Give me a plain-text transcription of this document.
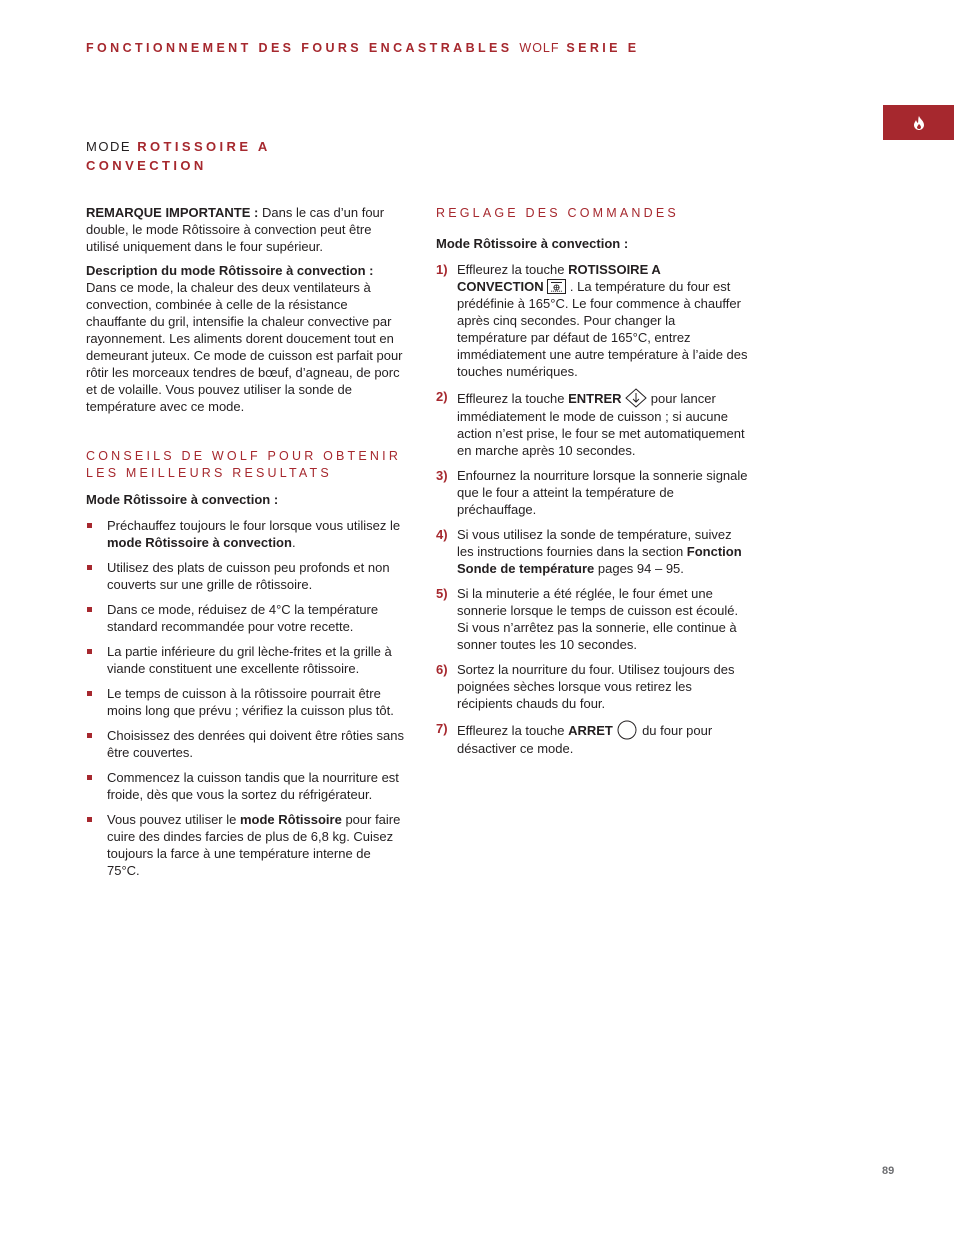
FONCTIONNEMENT DES FOURS ENCASTRABLES WOLF SERIE E
MODE ROTISSOIRE A
CONVECTION

REMARQUE IMPORTANTE : Dans le cas d’un four double, le mode Rôtissoire à convection peut être utilisé uniquement dans le four supérieur.

Description du mode Rôtissoire à convection : Dans ce mode, la chaleur des deux ventilateurs à convection, combinée à celle de la résistance chauffante du gril, intensifie la chaleur convective par rayonnement. Les aliments dorent doucement tout en demeurant juteux. Ce mode de cuisson est parfait pour rôtir les morceaux tendres de bœuf, d’agneau, de porc et de volaille. Vous pouvez utiliser la sonde de température avec ce mode.

CONSEILS DE WOLF POUR OBTENIR
LES MEILLEURS RESULTATS

Mode Rôtissoire à convection :

Préchauffez toujours le four lorsque vous utilisez le mode Rôtissoire à convection.
Utilisez des plats de cuisson peu profonds et non couverts sur une grille de rôtissoire.
Dans ce mode, réduisez de 4°C la température standard recommandée pour votre recette.
La partie inférieure du gril lèche-frites et la grille à viande constituent une excellente rôtissoire.
Le temps de cuisson à la rôtissoire pourrait être moins long que prévu ; vérifiez la cuisson plus tôt.
Choisissez des denrées qui doivent être rôties sans être couvertes.
Commencez la cuisson tandis que la nourriture est froide, dès que vous la sortez du réfrigérateur.
Vous pouvez utiliser le mode Rôtissoire pour faire cuire des dindes farcies de plus de 6,8 kg. Cuisez toujours la farce à une température interne de 75°C.
REGLAGE DES COMMANDES

Mode Rôtissoire à convection :

1) Effleurez la touche ROTISSOIRE A CONVECTION  . La température du four est prédéfinie à 165°C. Le four commence à chauffer après cinq secondes. Pour changer la température par défaut de 165°C, entrez immédiatement une autre température à l’aide des touches numériques.
2) Effleurez la touche ENTRER  pour lancer immédiatement le mode de cuisson ; si aucune action n’est prise, le four se met automatiquement en marche après 10 secondes.
3) Enfournez la nourriture lorsque la sonnerie signale que le four a atteint la température de préchauffage.
4) Si vous utilisez la sonde de température, suivez les instructions fournies dans la section Fonction Sonde de température pages 94 – 95.
5) Si la minuterie a été réglée, le four émet une sonnerie lorsque le temps de cuisson est écoulé. Si vous n’arrêtez pas la sonnerie, elle continue à sonner toutes les 10 secondes.
6) Sortez la nourriture du four. Utilisez toujours des poignées sèches lorsque vous retirez les récipients chauds du four.
7) Effleurez la touche ARRET  du four pour désactiver ce mode.
89
